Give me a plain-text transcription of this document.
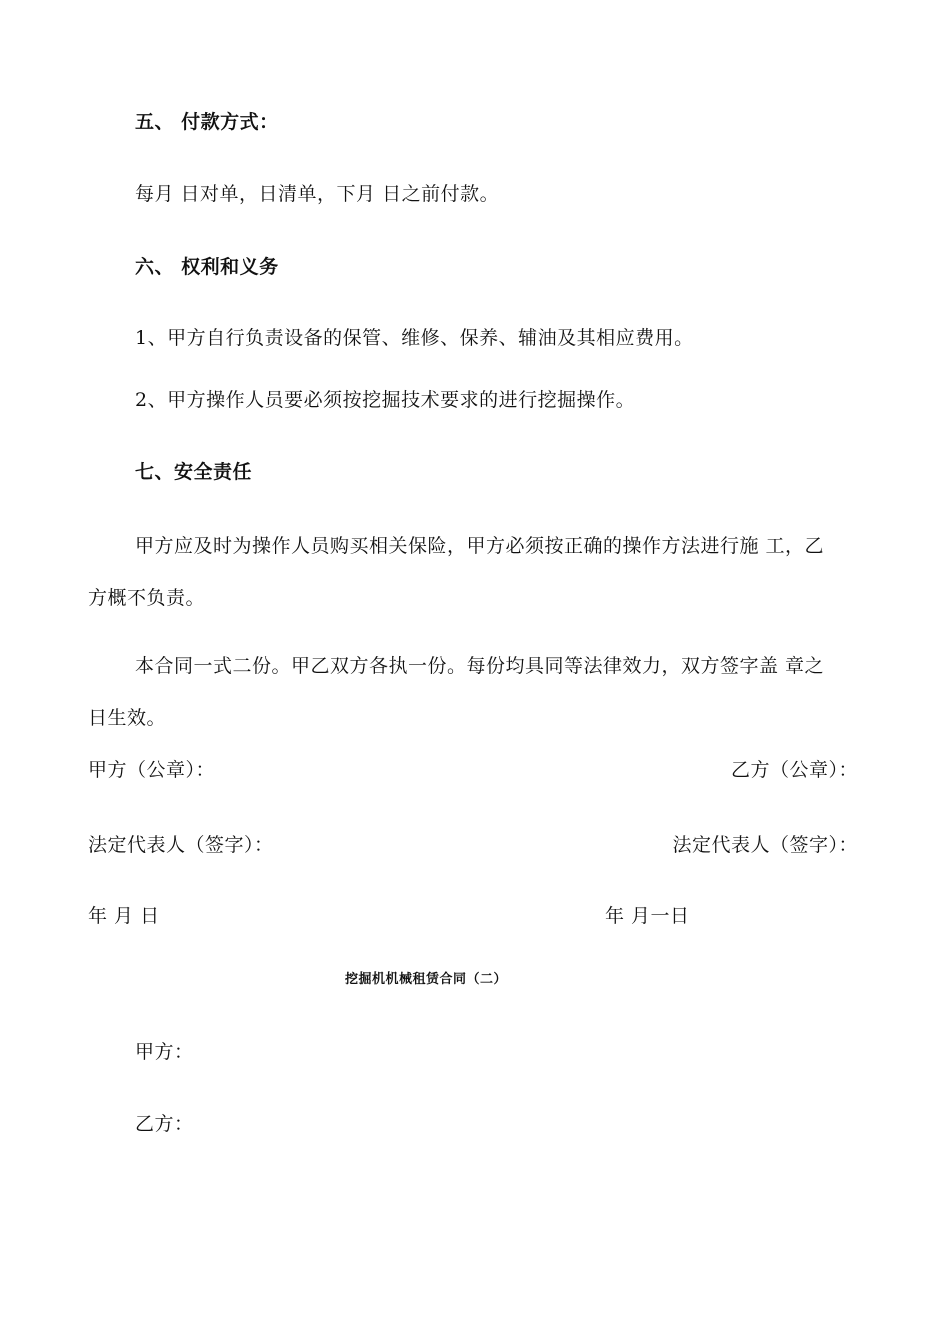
五、 付款方式：
每月 日对单，日清单，下月 日之前付款。
六、 权利和义务
1、甲方自行负责设备的保管、维修、保养、辅油及其相应费用。
2、甲方操作人员要必须按挖掘技术要求的进行挖掘操作。
七、安全责任
甲方应及时为操作人员购买相关保险，甲方必须按正确的操作方法进行施 工，乙
方概不负责。
本合同一式二份。甲乙双方各执一份。每份均具同等法律效力，双方签字盖 章之
日生效。
甲方（公章）：	乙方（公章）：
法定代表人（签字）：	法定代表人（签字）：
年 月 日	年 月一日
挖掘机机械租赁合同（二）
甲方：
乙方：
